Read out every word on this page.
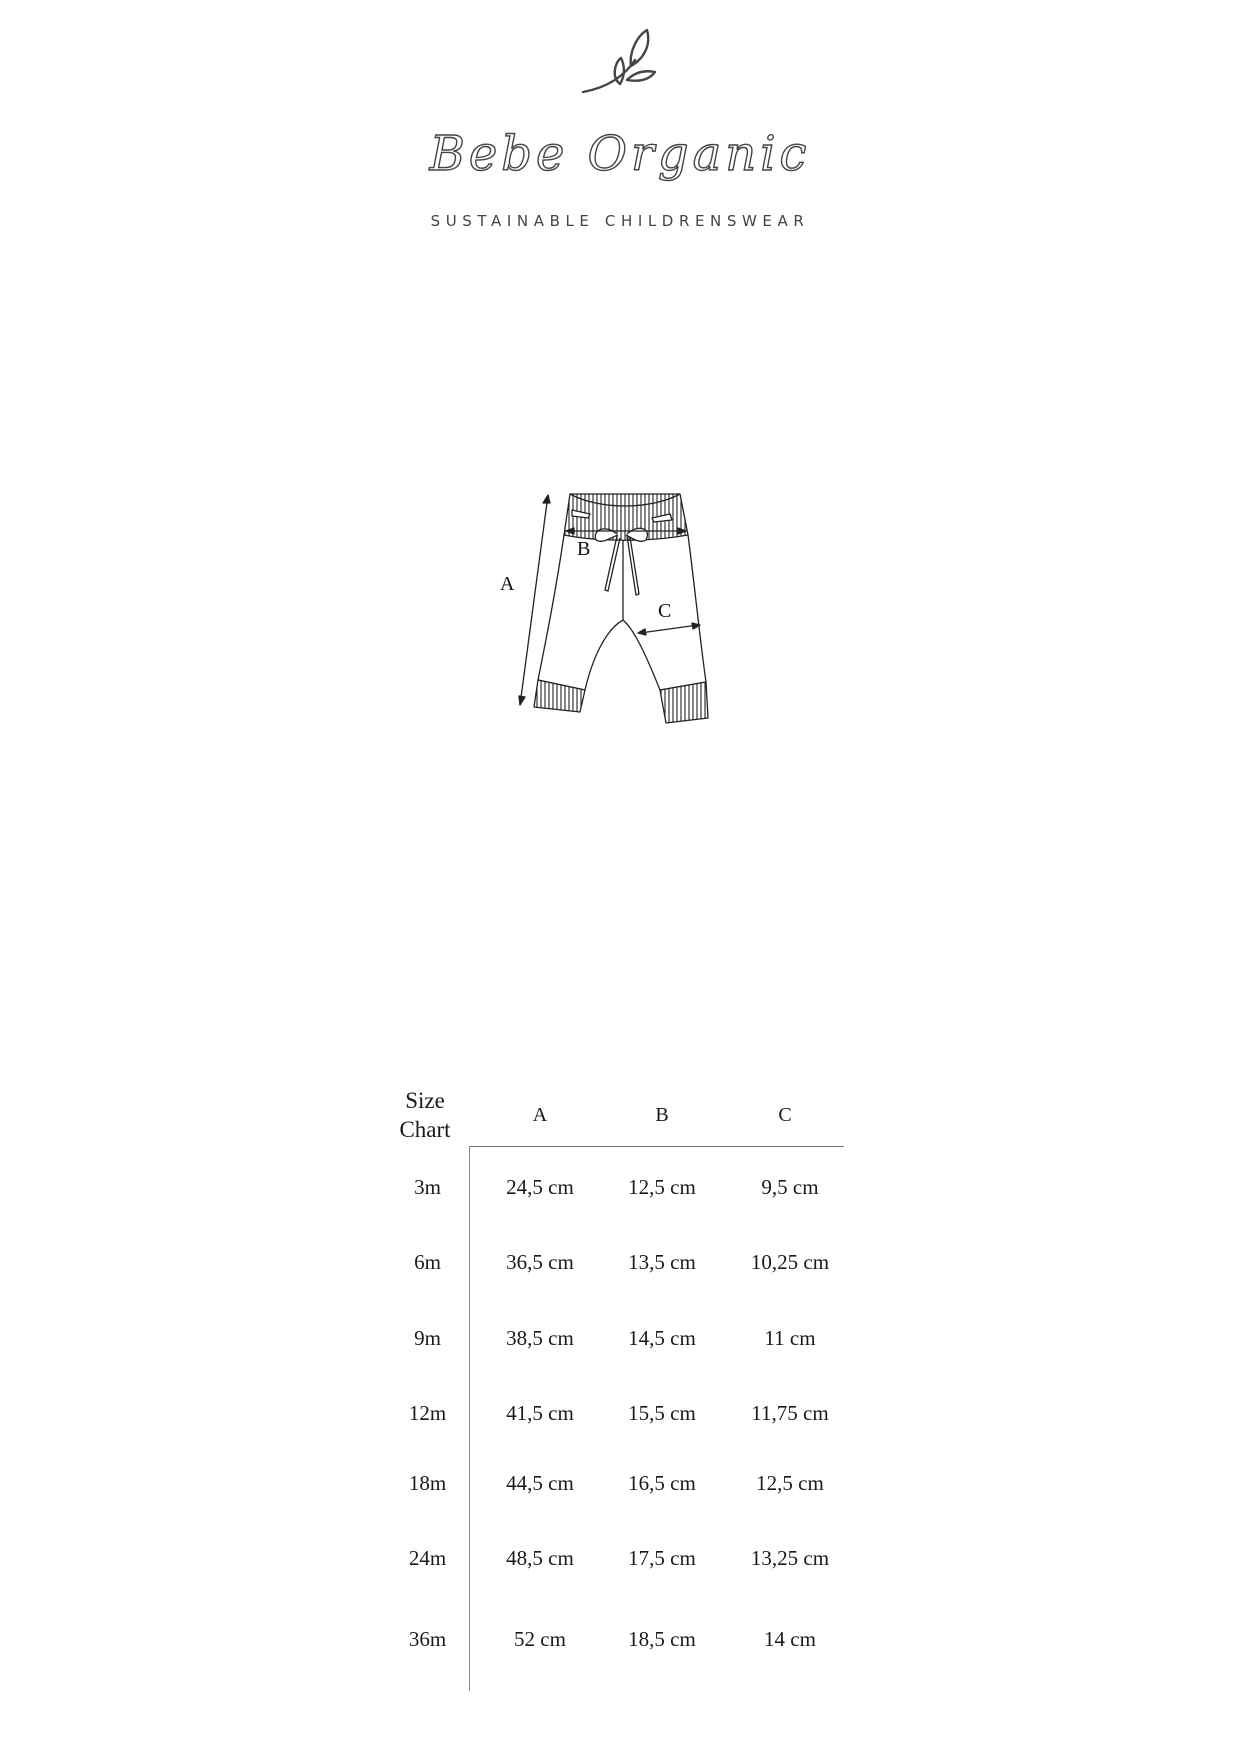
Bebe Organic
SUSTAINABLE CHILDRENSWEAR
A
B
C
Size
Chart
A	B	C
3m	24,5 cm	12,5 cm	9,5 cm
6m	36,5 cm	13,5 cm	10,25 cm
9m	38,5 cm	14,5 cm	11 cm
12m	41,5 cm	15,5 cm	11,75 cm
18m	44,5 cm	16,5 cm	12,5 cm
24m	48,5 cm	17,5 cm	13,25 cm
36m	52 cm	18,5 cm	14 cm
